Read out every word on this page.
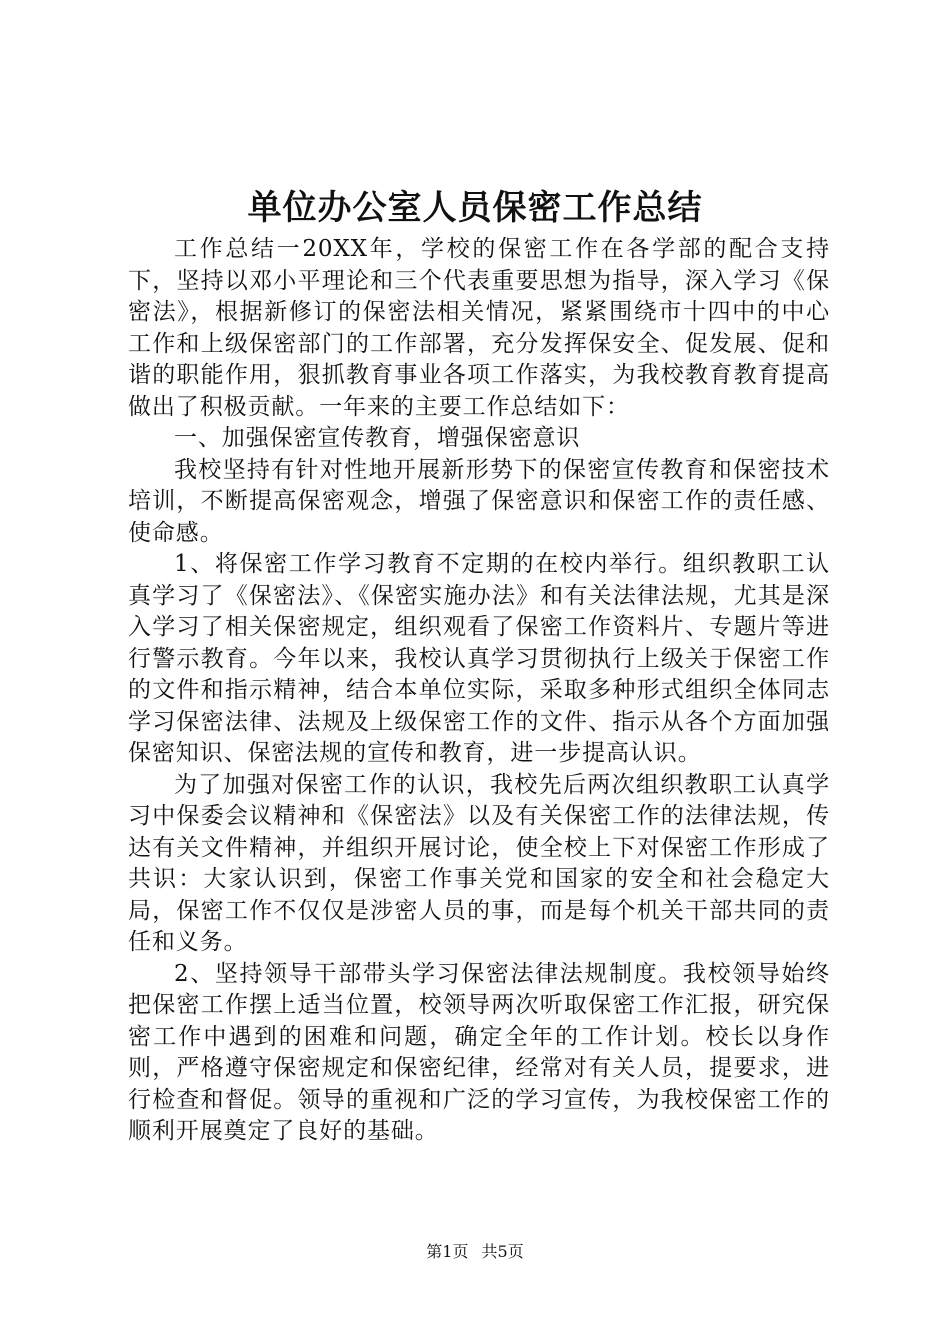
单位办公室人员保密工作总结

工作总结一20XX年，学校的保密工作在各学部的配合支持下，坚持以邓小平理论和三个代表重要思想为指导，深入学习《保密法》，根据新修订的保密法相关情况，紧紧围绕市十四中的中心工作和上级保密部门的工作部署，充分发挥保安全、促发展、促和谐的职能作用，狠抓教育事业各项工作落实，为我校教育教育提高做出了积极贡献。一年来的主要工作总结如下：

一、加强保密宣传教育，增强保密意识

我校坚持有针对性地开展新形势下的保密宣传教育和保密技术培训，不断提高保密观念，增强了保密意识和保密工作的责任感、使命感。

1、将保密工作学习教育不定期的在校内举行。组织教职工认真学习了《保密法》、《保密实施办法》和有关法律法规，尤其是深入学习了相关保密规定，组织观看了保密工作资料片、专题片等进行警示教育。今年以来，我校认真学习贯彻执行上级关于保密工作的文件和指示精神，结合本单位实际，采取多种形式组织全体同志学习保密法律、法规及上级保密工作的文件、指示从各个方面加强保密知识、保密法规的宣传和教育，进一步提高认识。

为了加强对保密工作的认识，我校先后两次组织教职工认真学习中保委会议精神和《保密法》以及有关保密工作的法律法规，传达有关文件精神，并组织开展讨论，使全校上下对保密工作形成了共识：大家认识到，保密工作事关党和国家的安全和社会稳定大局，保密工作不仅仅是涉密人员的事，而是每个机关干部共同的责任和义务。

2、坚持领导干部带头学习保密法律法规制度。我校领导始终把保密工作摆上适当位置，校领导两次听取保密工作汇报，研究保密工作中遇到的困难和问题，确定全年的工作计划。校长以身作则，严格遵守保密规定和保密纪律，经常对有关人员，提要求，进行检查和督促。领导的重视和广泛的学习宣传，为我校保密工作的顺利开展奠定了良好的基础。

第1页 共5页
